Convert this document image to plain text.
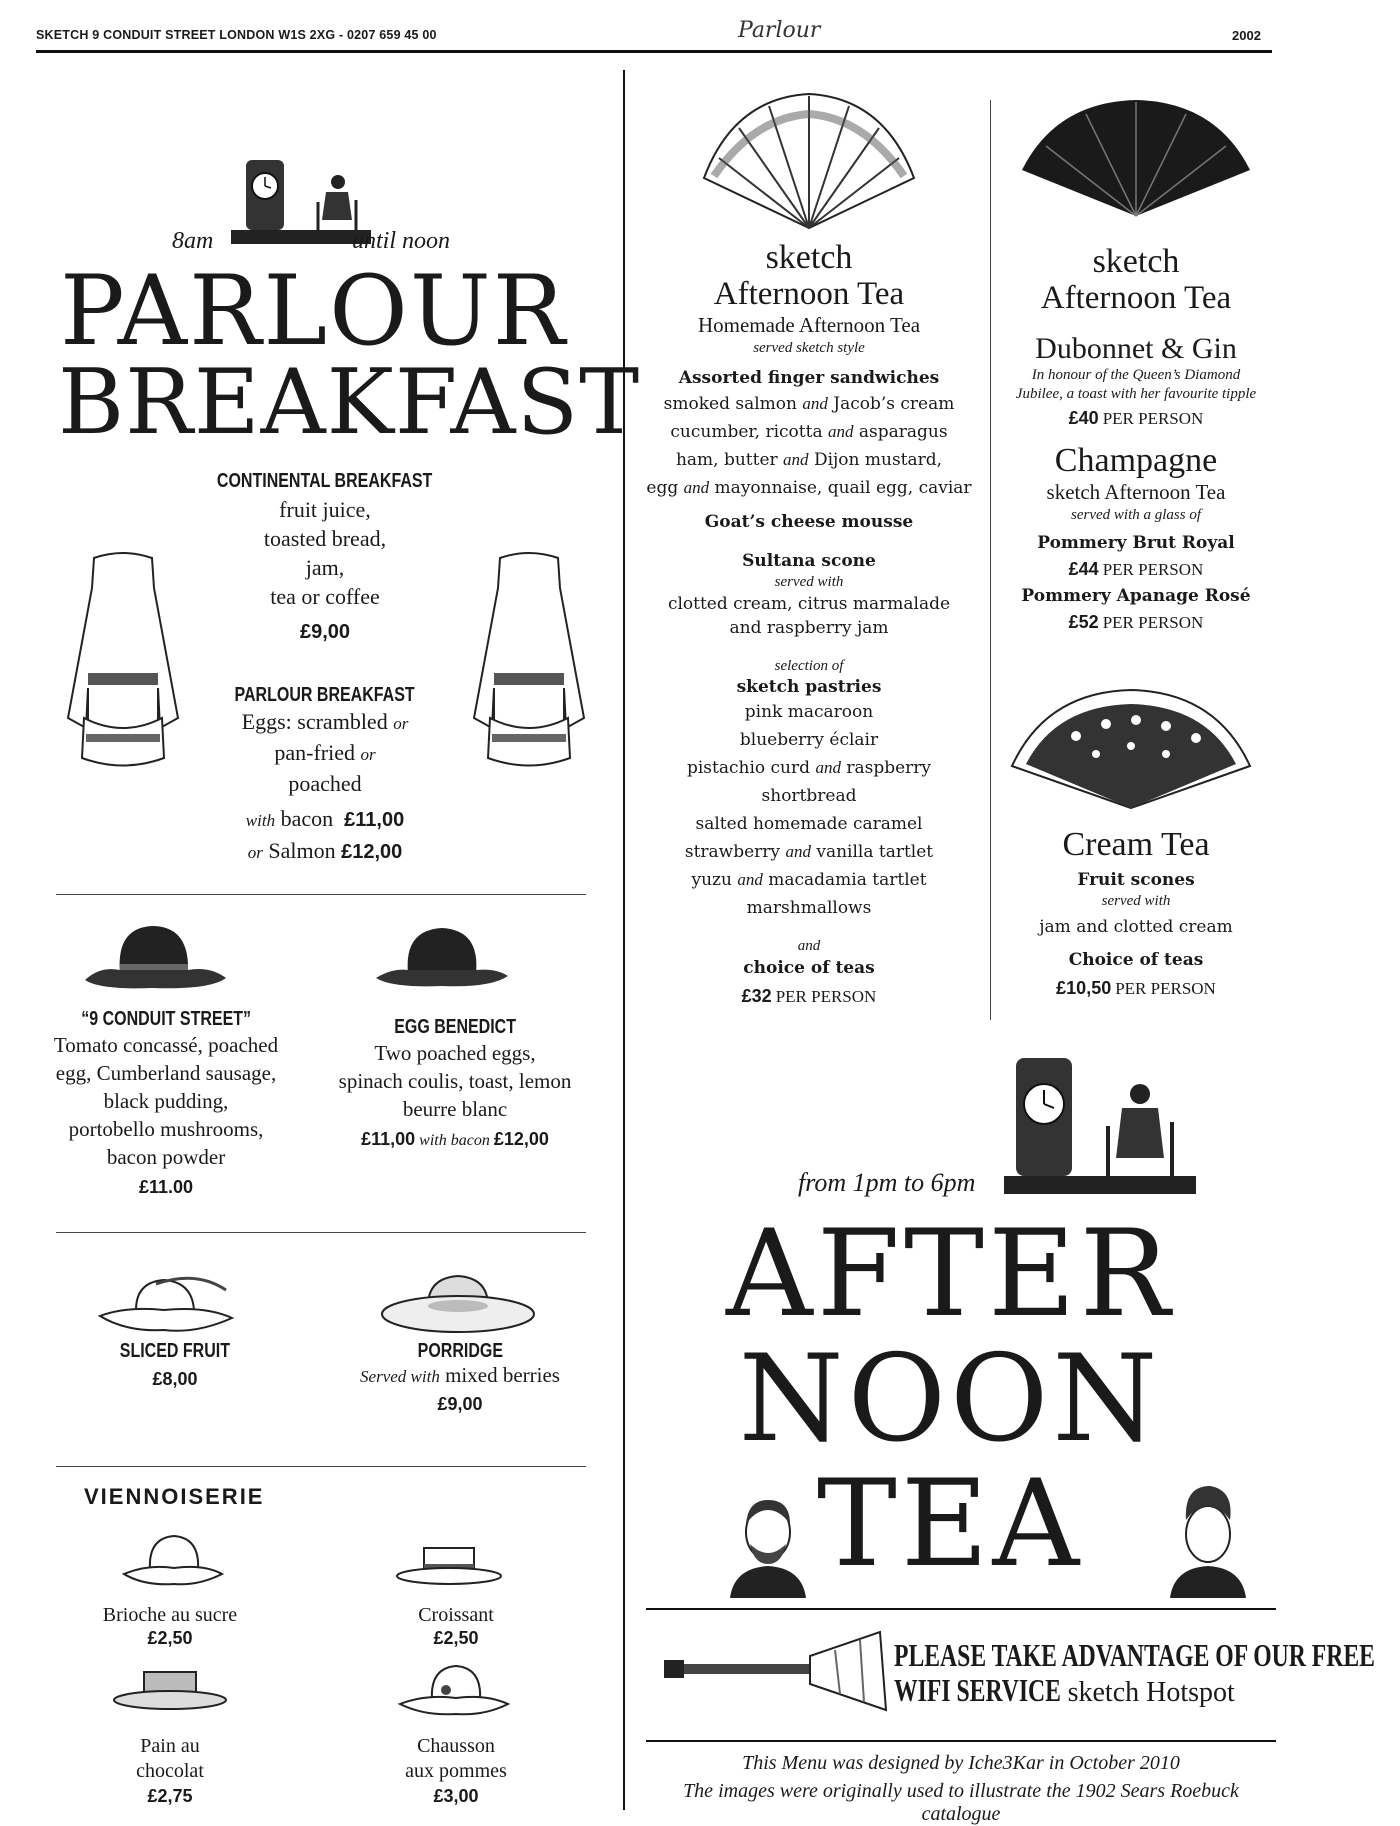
SKETCH 9 CONDUIT STREET LONDON W1S 2XG - 0207 659 45 00	Parlour	2002
8am	until noon
PARLOUR
BREAKFAST
CONTINENTAL BREAKFAST
fruit juice,
toasted bread,
jam,
tea or coffee
£9,00
PARLOUR BREAKFAST
Eggs: scrambled or
pan-fried or
poached
with bacon £11,00
or Salmon £12,00
“9 CONDUIT STREET”
Tomato concassé, poached
egg, Cumberland sausage,
black pudding,
portobello mushrooms,
bacon powder
£11.00
EGG BENEDICT
Two poached eggs,
spinach coulis, toast, lemon
beurre blanc
£11,00 with bacon £12,00
SLICED FRUIT
£8,00
PORRIDGE
Served with mixed berries
£9,00
VIENNOISERIE
Brioche au sucre
£2,50
Croissant
£2,50
Pain au
chocolat
£2,75
Chausson
aux pommes
£3,00
sketch
Afternoon Tea
Homemade Afternoon Tea
served sketch style
Assorted finger sandwiches
smoked salmon and Jacob’s cream
cucumber, ricotta and asparagus
ham, butter and Dijon mustard,
egg and mayonnaise, quail egg, caviar
Goat’s cheese mousse
Sultana scone
served with
clotted cream, citrus marmalade
and raspberry jam
selection of
sketch pastries
pink macaroon
blueberry éclair
pistachio curd and raspberry
shortbread
salted homemade caramel
strawberry and vanilla tartlet
yuzu and macadamia tartlet
marshmallows
and
choice of teas
£32 PER PERSON
sketch
Afternoon Tea
Dubonnet & Gin
In honour of the Queen’s Diamond
Jubilee, a toast with her favourite tipple
£40 PER PERSON
Champagne
sketch Afternoon Tea
served with a glass of
Pommery Brut Royal
£44 PER PERSON
Pommery Apanage Rosé
£52 PER PERSON
Cream Tea
Fruit scones
served with
jam and clotted cream
Choice of teas
£10,50 PER PERSON
from 1pm to 6pm
AFTER
NOON
TEA
PLEASE TAKE ADVANTAGE OF OUR FREE
WIFI SERVICE sketch Hotspot
This Menu was designed by Iche3Kar in October 2010
The images were originally used to illustrate the 1902 Sears Roebuck catalogue
